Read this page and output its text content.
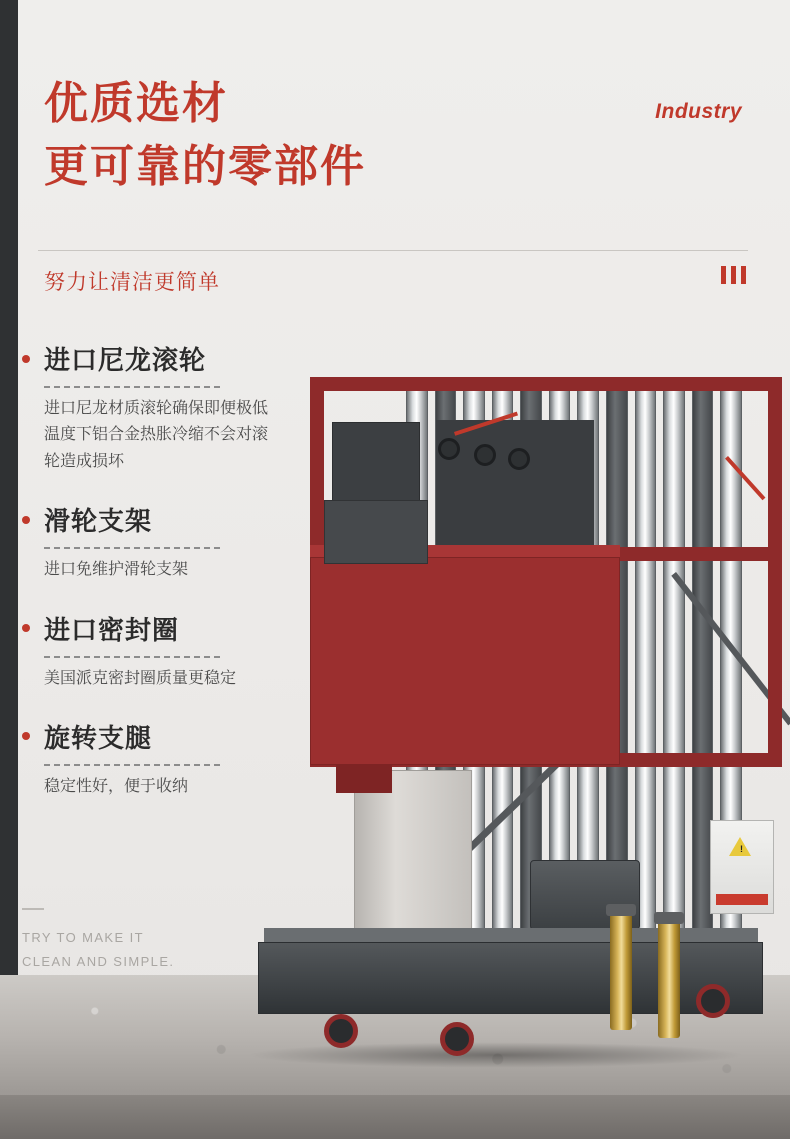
优质选材
更可靠的零部件
Industry
努力让清洁更简单
进口尼龙滚轮
进口尼龙材质滚轮确保即便极低温度下铝合金热胀冷缩不会对滚轮造成损坏
滑轮支架
进口免维护滑轮支架
进口密封圈
美国派克密封圈质量更稳定
旋转支腿
稳定性好，便于收纳
TRY TO MAKE IT
CLEAN AND SIMPLE.
!
